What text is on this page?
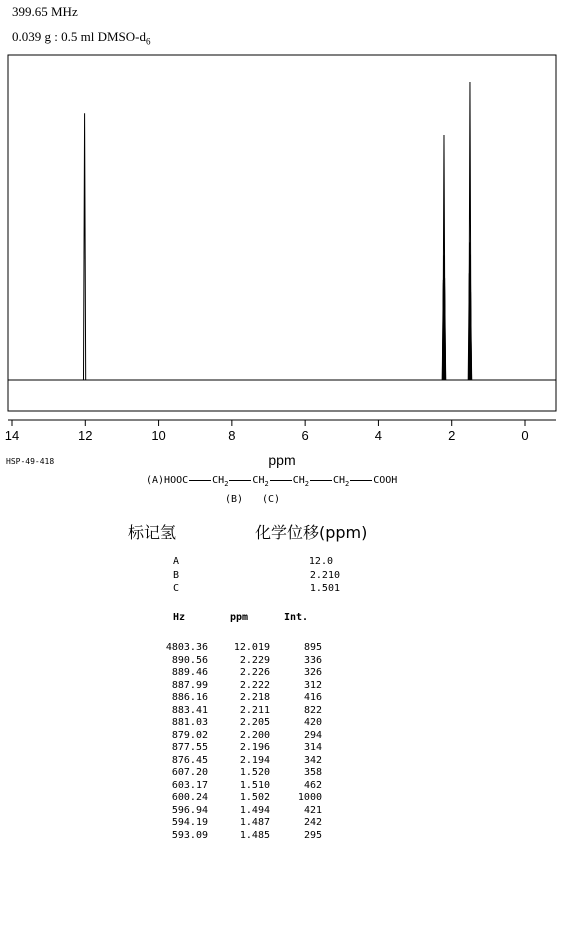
399.65 MHz
0.039 g : 0.5 ml DMSO-$d_6$
14	12	10	8	6	4	2	0
ppm
HSP-49-418
(A)HOOC $CH_2$ $CH_2$ $CH_2$ $CH_2$ COOH
(B) (C)
标记氢	化学位移(ppm)
A	12.0
B	2.210
C	1.501
Hz	ppm	Int.
4803.36	12.019	895
890.56	2.229	336
889.46	2.226	326
887.99	2.222	312
886.16	2.218	416
883.41	2.211	822
881.03	2.205	420
879.02	2.200	294
877.55	2.196	314
876.45	2.194	342
607.20	1.520	358
603.17	1.510	462
600.24	1.502	1000
596.94	1.494	421
594.19	1.487	242
593.09	1.485	295
